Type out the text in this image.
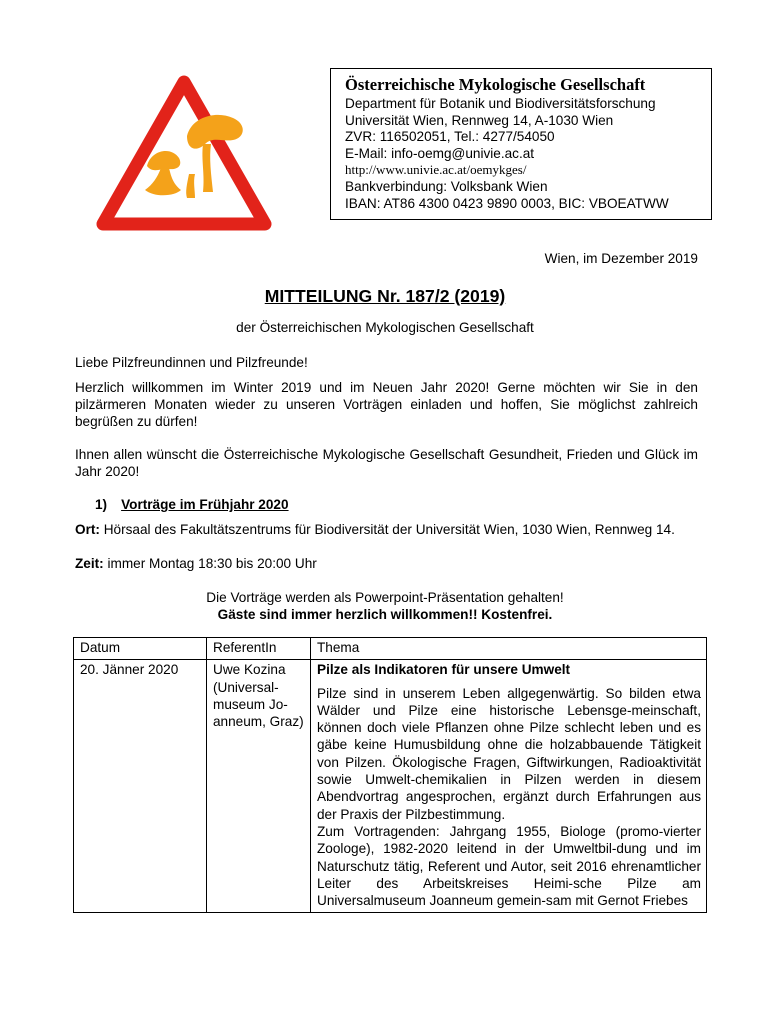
Österreichische Mykologische Gesellschaft
Department für Botanik und Biodiversitätsforschung
Universität Wien, Rennweg 14, A-1030 Wien
ZVR: 116502051, Tel.: 4277/54050
E-Mail: info-oemg@univie.ac.at
http://www.univie.ac.at/oemykges/
Bankverbindung: Volksbank Wien
IBAN: AT86 4300 0423 9890 0003, BIC: VBOEATWW
Wien, im Dezember 2019
MITTEILUNG Nr. 187/2 (2019)
der Österreichischen Mykologischen Gesellschaft
Liebe Pilzfreundinnen und Pilzfreunde!
Herzlich willkommen im Winter 2019 und im Neuen Jahr 2020! Gerne möchten wir Sie in den pilzärmeren Monaten wieder zu unseren Vorträgen einladen und hoffen, Sie möglichst zahlreich begrüßen zu dürfen!
Ihnen allen wünscht die Österreichische Mykologische Gesellschaft Gesundheit, Frieden und Glück im Jahr 2020!
1) Vorträge im Frühjahr 2020
Ort: Hörsaal des Fakultätszentrums für Biodiversität der Universität Wien, 1030 Wien, Rennweg 14.
Zeit: immer Montag 18:30 bis 20:00 Uhr
Die Vorträge werden als Powerpoint-Präsentation gehalten!
Gäste sind immer herzlich willkommen!! Kostenfrei.
Datum	ReferentIn	Thema
20. Jänner 2020	Uwe Kozina (Universal-museum Jo-anneum, Graz)	Pilze als Indikatoren für unsere Umwelt
Pilze sind in unserem Leben allgegenwärtig. So bilden etwa Wälder und Pilze eine historische Lebensge-meinschaft, können doch viele Pflanzen ohne Pilze schlecht leben und es gäbe keine Humusbildung ohne die holzabbauende Tätigkeit von Pilzen. Ökologische Fragen, Giftwirkungen, Radioaktivität sowie Umwelt-chemikalien in Pilzen werden in diesem Abendvortrag angesprochen, ergänzt durch Erfahrungen aus der Praxis der Pilzbestimmung.
Zum Vortragenden: Jahrgang 1955, Biologe (promo-vierter Zoologe), 1982-2020 leitend in der Umweltbil-dung und im Naturschutz tätig, Referent und Autor, seit 2016 ehrenamtlicher Leiter des Arbeitskreises Heimi-sche Pilze am Universalmuseum Joanneum gemein-sam mit Gernot Friebes
